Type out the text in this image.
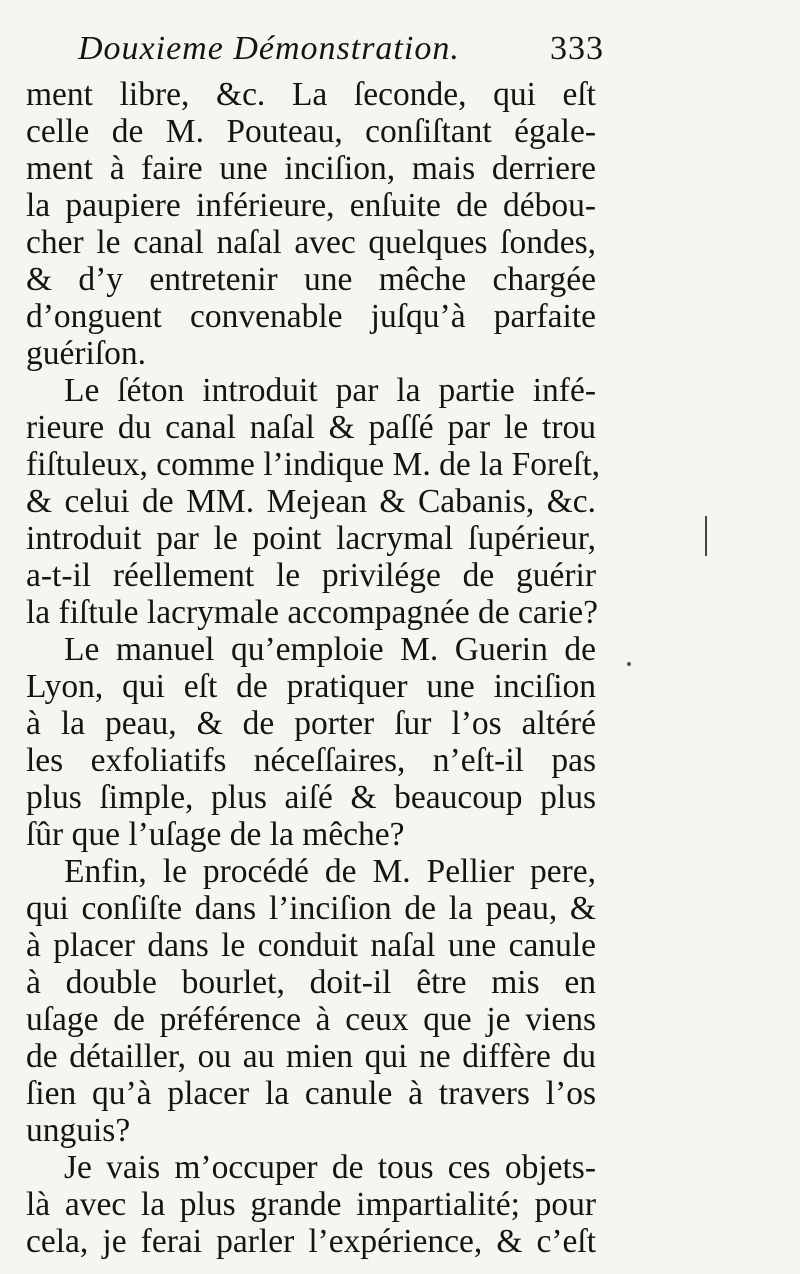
Douxieme Démonstration.	333
ment libre, &c. La ſeconde, qui eſt
celle de M. Pouteau, conſiſtant égale-
ment à faire une inciſion, mais derriere
la paupiere inférieure, enſuite de débou-
cher le canal naſal avec quelques ſondes,
& d’y entretenir une mêche chargée
d’onguent convenable juſqu’à parfaite
guériſon.
Le ſéton introduit par la partie infé-
rieure du canal naſal & paſſé par le trou
fiſtuleux, comme l’indique M. de la Foreſt,
& celui de MM. Mejean & Cabanis, &c.
introduit par le point lacrymal ſupérieur,
a-t-il réellement le privilége de guérir
la fiſtule lacrymale accompagnée de carie?
Le manuel qu’emploie M. Guerin de
Lyon, qui eſt de pratiquer une inciſion
à la peau, & de porter ſur l’os altéré
les exfoliatifs néceſſaires, n’eſt-il pas
plus ſimple, plus aiſé & beaucoup plus
ſûr que l’uſage de la mêche?
Enfin, le procédé de M. Pellier pere,
qui conſiſte dans l’inciſion de la peau, &
à placer dans le conduit naſal une canule
à double bourlet, doit-il être mis en
uſage de préférence à ceux que je viens
de détailler, ou au mien qui ne diffère du
ſien qu’à placer la canule à travers l’os
unguis?
Je vais m’occuper de tous ces objets-
là avec la plus grande impartialité; pour
cela, je ferai parler l’expérience, & c’eſt
